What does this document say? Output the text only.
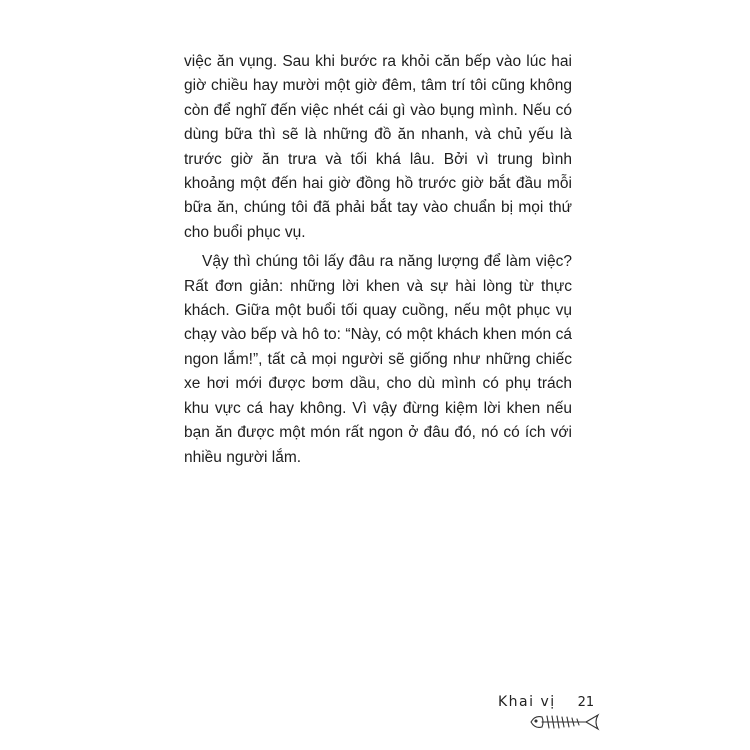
việc ăn vụng. Sau khi bước ra khỏi căn bếp vào lúc hai giờ chiều hay mười một giờ đêm, tâm trí tôi cũng không còn để nghĩ đến việc nhét cái gì vào bụng mình. Nếu có dùng bữa thì sẽ là những đồ ăn nhanh, và chủ yếu là trước giờ ăn trưa và tối khá lâu. Bởi vì trung bình khoảng một đến hai giờ đồng hồ trước giờ bắt đầu mỗi bữa ăn, chúng tôi đã phải bắt tay vào chuẩn bị mọi thứ cho buổi phục vụ.

Vậy thì chúng tôi lấy đâu ra năng lượng để làm việc? Rất đơn giản: những lời khen và sự hài lòng từ thực khách. Giữa một buổi tối quay cuồng, nếu một phục vụ chạy vào bếp và hô to: “Này, có một khách khen món cá ngon lắm!”, tất cả mọi người sẽ giống như những chiếc xe hơi mới được bơm dầu, cho dù mình có phụ trách khu vực cá hay không. Vì vậy đừng kiệm lời khen nếu bạn ăn được một món rất ngon ở đâu đó, nó có ích với nhiều người lắm.

Khai vị 21
